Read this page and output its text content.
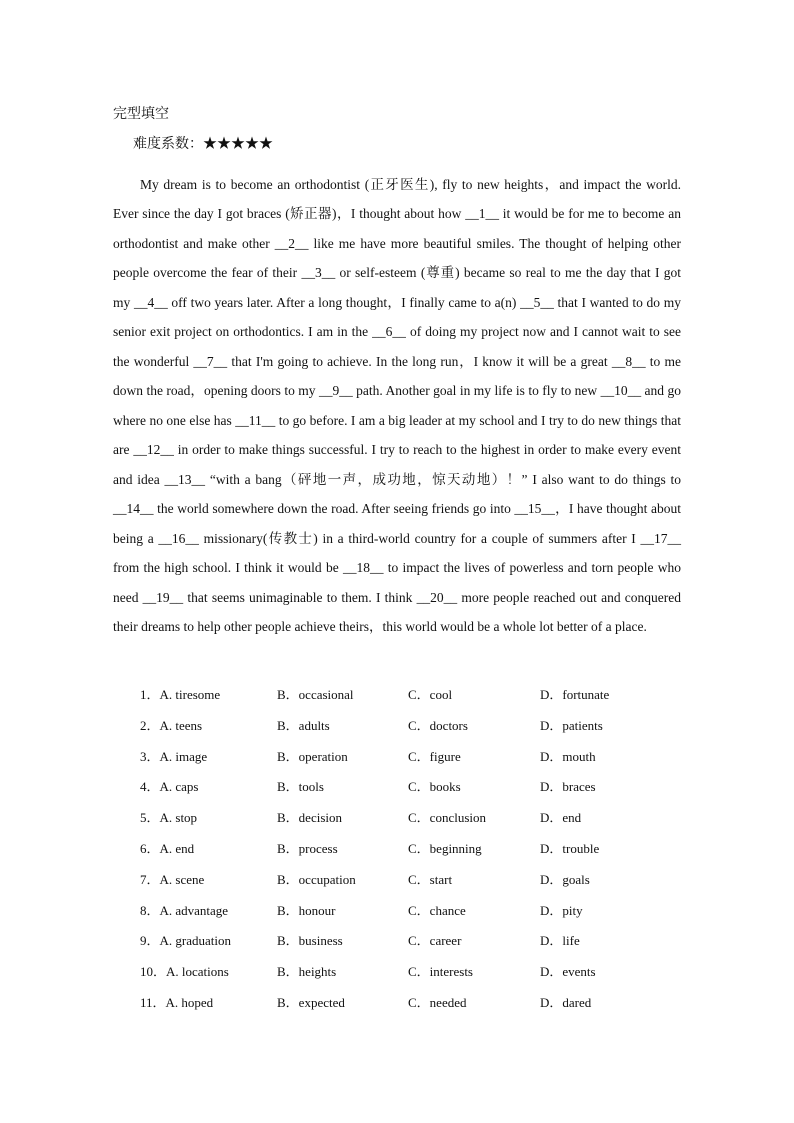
完型填空
难度系数：★★★★★

My dream is to become an orthodontist (正牙医生), fly to new heights，and impact the world. Ever since the day I got braces (矫正器)，I thought about how __1__ it would be for me to become an orthodontist and make other __2__ like me have more beautiful smiles. The thought of helping other people overcome the fear of their __3__ or self-esteem (尊重) became so real to me the day that I got my __4__ off two years later. After a long thought，I finally came to a(n) __5__ that I wanted to do my senior exit project on orthodontics. I am in the __6__ of doing my project now and I cannot wait to see the wonderful __7__ that I'm going to achieve. In the long run，I know it will be a great __8__ to me down the road，opening doors to my __9__ path. Another goal in my life is to fly to new __10__ and go where no one else has __11__ to go before. I am a big leader at my school and I try to do new things that are __12__ in order to make things successful. I try to reach to the highest in order to make every event and idea __13__ “with a bang（砰地一声，成功地，惊天动地）！” I also want to do things to __14__ the world somewhere down the road. After seeing friends go into __15__，I have thought about being a __16__ missionary(传教士) in a third-world country for a couple of summers after I __17__ from the high school. I think it would be __18__ to impact the lives of powerless and torn people who need __19__ that seems unimaginable to them. I think __20__ more people reached out and conquered their dreams to help other people achieve theirs，this world would be a whole lot better of a place.

1．A. tiresome	B．occasional	C．cool	D．fortunate
2．A. teens	B．adults	C．doctors	D．patients
3．A. image	B．operation	C．figure	D．mouth
4．A. caps	B．tools	C．books	D．braces
5．A. stop	B．decision	C．conclusion	D．end
6．A. end	B．process	C．beginning	D．trouble
7．A. scene	B．occupation	C．start	D．goals
8．A. advantage	B．honour	C．chance	D．pity
9．A. graduation	B．business	C．career	D．life
10．A. locations	B．heights	C．interests	D．events
11．A. hoped	B．expected	C．needed	D．dared
